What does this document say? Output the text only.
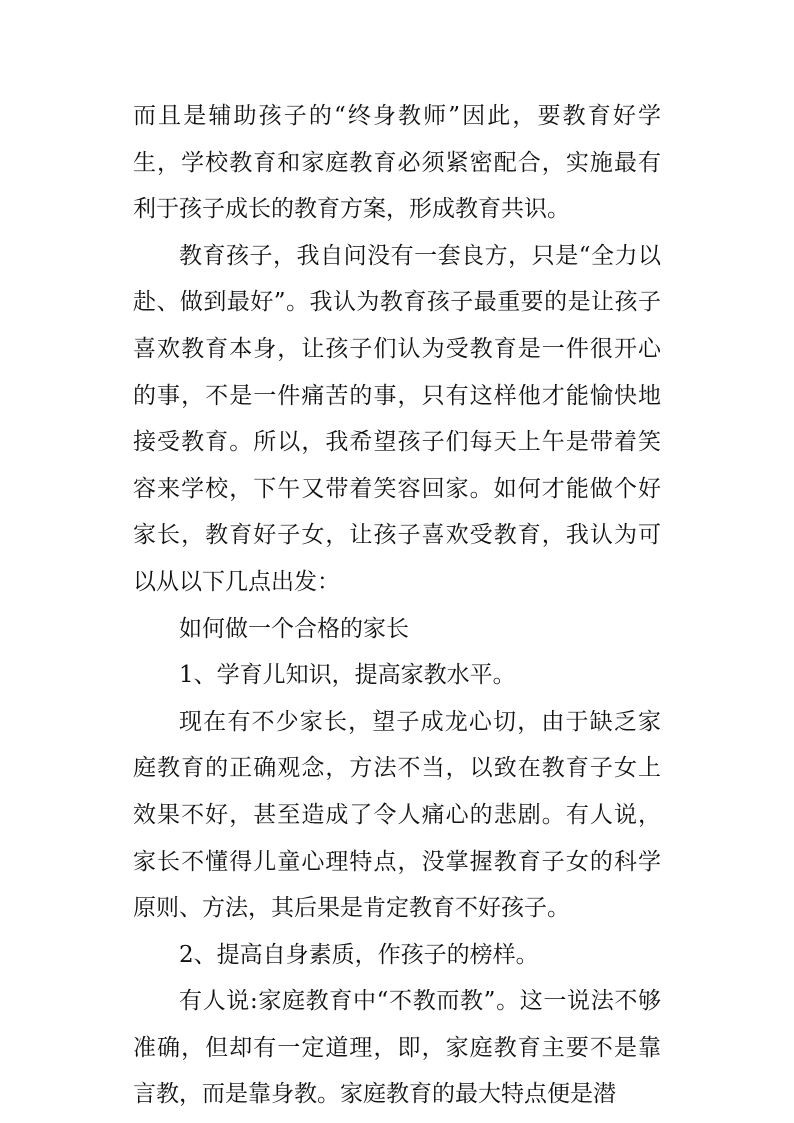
而且是辅助孩子的“终身教师”因此，要教育好学生，学校教育和家庭教育必须紧密配合，实施最有利于孩子成长的教育方案，形成教育共识。

教育孩子，我自问没有一套良方，只是“全力以赴、做到最好”。我认为教育孩子最重要的是让孩子喜欢教育本身，让孩子们认为受教育是一件很开心的事，不是一件痛苦的事，只有这样他才能愉快地接受教育。所以，我希望孩子们每天上午是带着笑容来学校，下午又带着笑容回家。如何才能做个好家长，教育好子女，让孩子喜欢受教育，我认为可以从以下几点出发：

如何做一个合格的家长

1、学育儿知识，提高家教水平。

现在有不少家长，望子成龙心切，由于缺乏家庭教育的正确观念，方法不当，以致在教育子女上效果不好，甚至造成了令人痛心的悲剧。有人说，家长不懂得儿童心理特点，没掌握教育子女的科学原则、方法，其后果是肯定教育不好孩子。

2、提高自身素质，作孩子的榜样。

有人说:家庭教育中“不教而教”。这一说法不够准确，但却有一定道理，即，家庭教育主要不是靠言教，而是靠身教。家庭教育的最大特点便是潜
